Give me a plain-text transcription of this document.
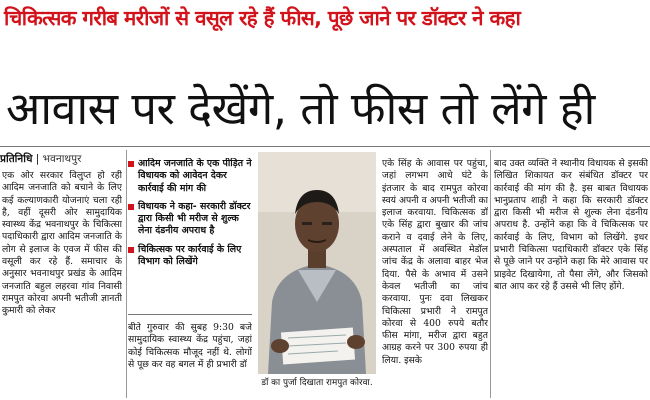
चिकित्सक गरीब मरीजों से वसूल रहे हैं फीस, पूछे जाने पर डॉक्टर ने कहा
आवास पर देखेंगे, तो फीस तो लेंगे ही
प्रतिनिधि | भवनाथपुर
एक ओर सरकार विलुप्त हो रही आदिम जनजाति को बचाने के लिए कई कल्याणकारी योजनाएं चला रही है, वहीं दूसरी ओर सामुदायिक स्वास्थ्य केंद्र भवनाथपुर के चिकित्सा पदाधिकारी द्वारा आदिम जनजाति के लोग से इलाज के एवज में फीस की वसूली कर रहे हैं. समाचार के अनुसार भवनाथपुर प्रखंड के आदिम जनजाति बहुल लहरवा गांव निवासी रामपुत कोरवा अपनी भतीजी ज्ञानती कुमारी को लेकर
आदिम जनजाति के एक पीड़ित ने विधायक को आवेदन देकर कार्रवाई की मांग की
विधायक ने कहा- सरकारी डॉक्टर द्वारा किसी भी मरीज से शुल्क लेना दंडनीय अपराध है
चिकित्सक पर कार्रवाई के लिए विभाग को लिखेंगे
बीते गुरुवार की सुबह 9:30 बजे सामुदायिक स्वास्थ्य केंद्र पहुंचा, जहां कोई चिकित्सक मौजूद नहीं थे. लोगों से पूछ कर वह बगल में ही प्रभारी डॉ
डॉ का पुर्जा दिखाता रामपुत कोरवा.
एके सिंह के आवास पर पहुंचा, जहां लगभग आधे घंटे के इंतजार के बाद रामपुत कोरवा स्वयं अपनी व अपनी भतीजी का इलाज करवाया. चिकित्सक डॉ एके सिंह द्वारा बुखार की जांच कराने व दवाई लेने के लिए, अस्पताल में अवस्थित मेडॉल जांच केंद्र के अलावा बाहर भेज दिया. पैसे के अभाव में उसने केवल भतीजी का जांच करवाया. पुनः दवा लिखकर चिकित्सा प्रभारी ने रामपुत कोरवा से 400 रुपये बतौर फीस मांगा, मरीज द्वारा बहुत आग्रह करने पर 300 रुपया ही लिया. इसके
बाद उक्त व्यक्ति ने स्थानीय विधायक से इसकी लिखित शिकायत कर संबंधित डॉक्टर पर कार्रवाई की मांग की है. इस बाबत विधायक भानुप्रताप शाही ने कहा कि सरकारी डॉक्टर द्वारा किसी भी मरीज से शुल्क लेना दंडनीय अपराध है. उन्होंने कहा कि वे चिकित्सक पर कार्रवाई के लिए, विभाग को लिखेंगे. इधर प्रभारी चिकित्सा पदाधिकारी डॉक्टर एके सिंह से पूछे जाने पर उन्होंने कहा कि मेरे आवास पर प्राइवेट दिखायेगा, तो पैसा लेंगे, और जिसको बात आप कर रहे हैं उससे भी लिए होंगे.
